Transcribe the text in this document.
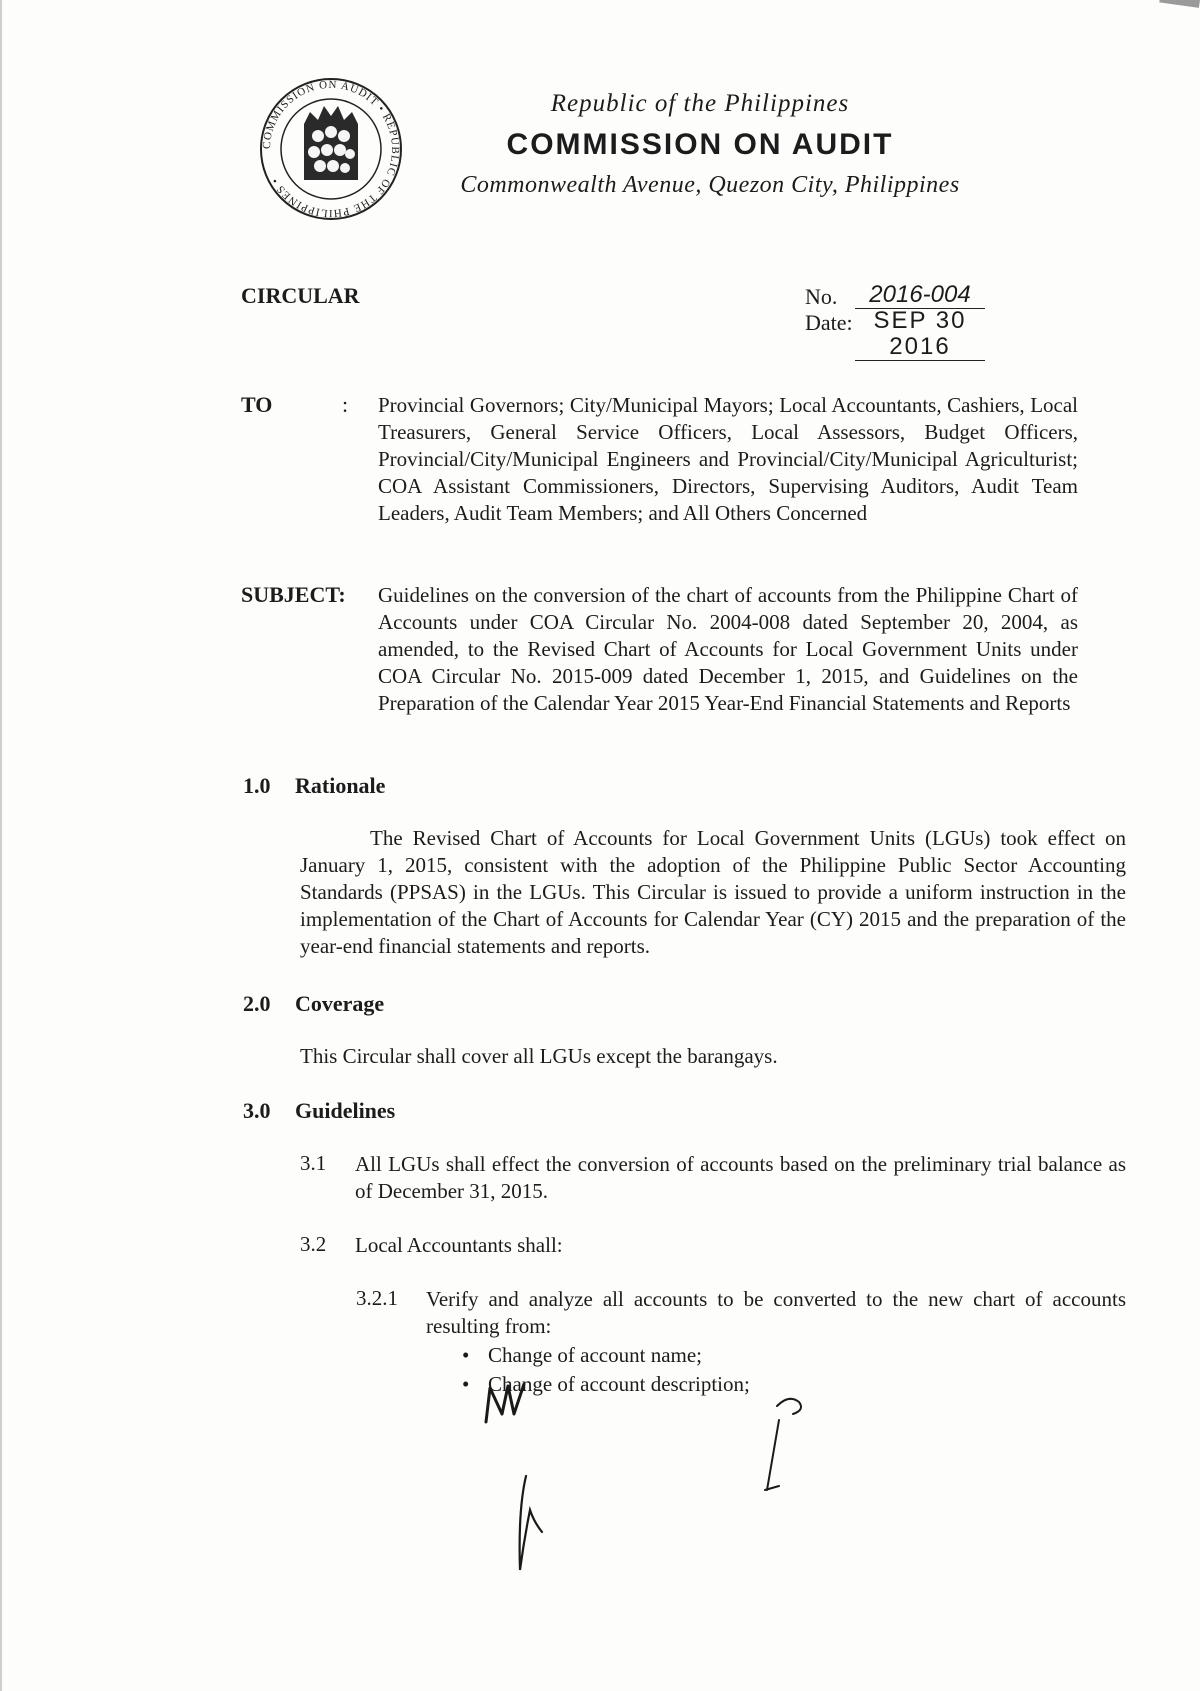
COMMISSION ON AUDIT • REPUBLIC OF THE PHILIPPINES •
Republic of the Philippines
COMMISSION ON AUDIT
Commonwealth Avenue, Quezon City, Philippines
CIRCULAR	No.	2016-004
Date: SEP 30 2016
TO	: Provincial Governors; City/Municipal Mayors; Local Accountants, Cashiers, Local Treasurers, General Service Officers, Local Assessors, Budget Officers, Provincial/City/Municipal Engineers and Provincial/City/Municipal Agriculturist; COA Assistant Commissioners, Directors, Supervising Auditors, Audit Team Leaders, Audit Team Members; and All Others Concerned
SUBJECT: Guidelines on the conversion of the chart of accounts from the Philippine Chart of Accounts under COA Circular No. 2004-008 dated September 20, 2004, as amended, to the Revised Chart of Accounts for Local Government Units under COA Circular No. 2015-009 dated December 1, 2015, and Guidelines on the Preparation of the Calendar Year 2015 Year-End Financial Statements and Reports
1.0 Rationale
The Revised Chart of Accounts for Local Government Units (LGUs) took effect on January 1, 2015, consistent with the adoption of the Philippine Public Sector Accounting Standards (PPSAS) in the LGUs. This Circular is issued to provide a uniform instruction in the implementation of the Chart of Accounts for Calendar Year (CY) 2015 and the preparation of the year-end financial statements and reports.
2.0 Coverage
This Circular shall cover all LGUs except the barangays.
3.0 Guidelines
3.1 All LGUs shall effect the conversion of accounts based on the preliminary trial balance as of December 31, 2015.
3.2 Local Accountants shall:
3.2.1 Verify and analyze all accounts to be converted to the new chart of accounts resulting from:
• Change of account name;
• Change of account description;
